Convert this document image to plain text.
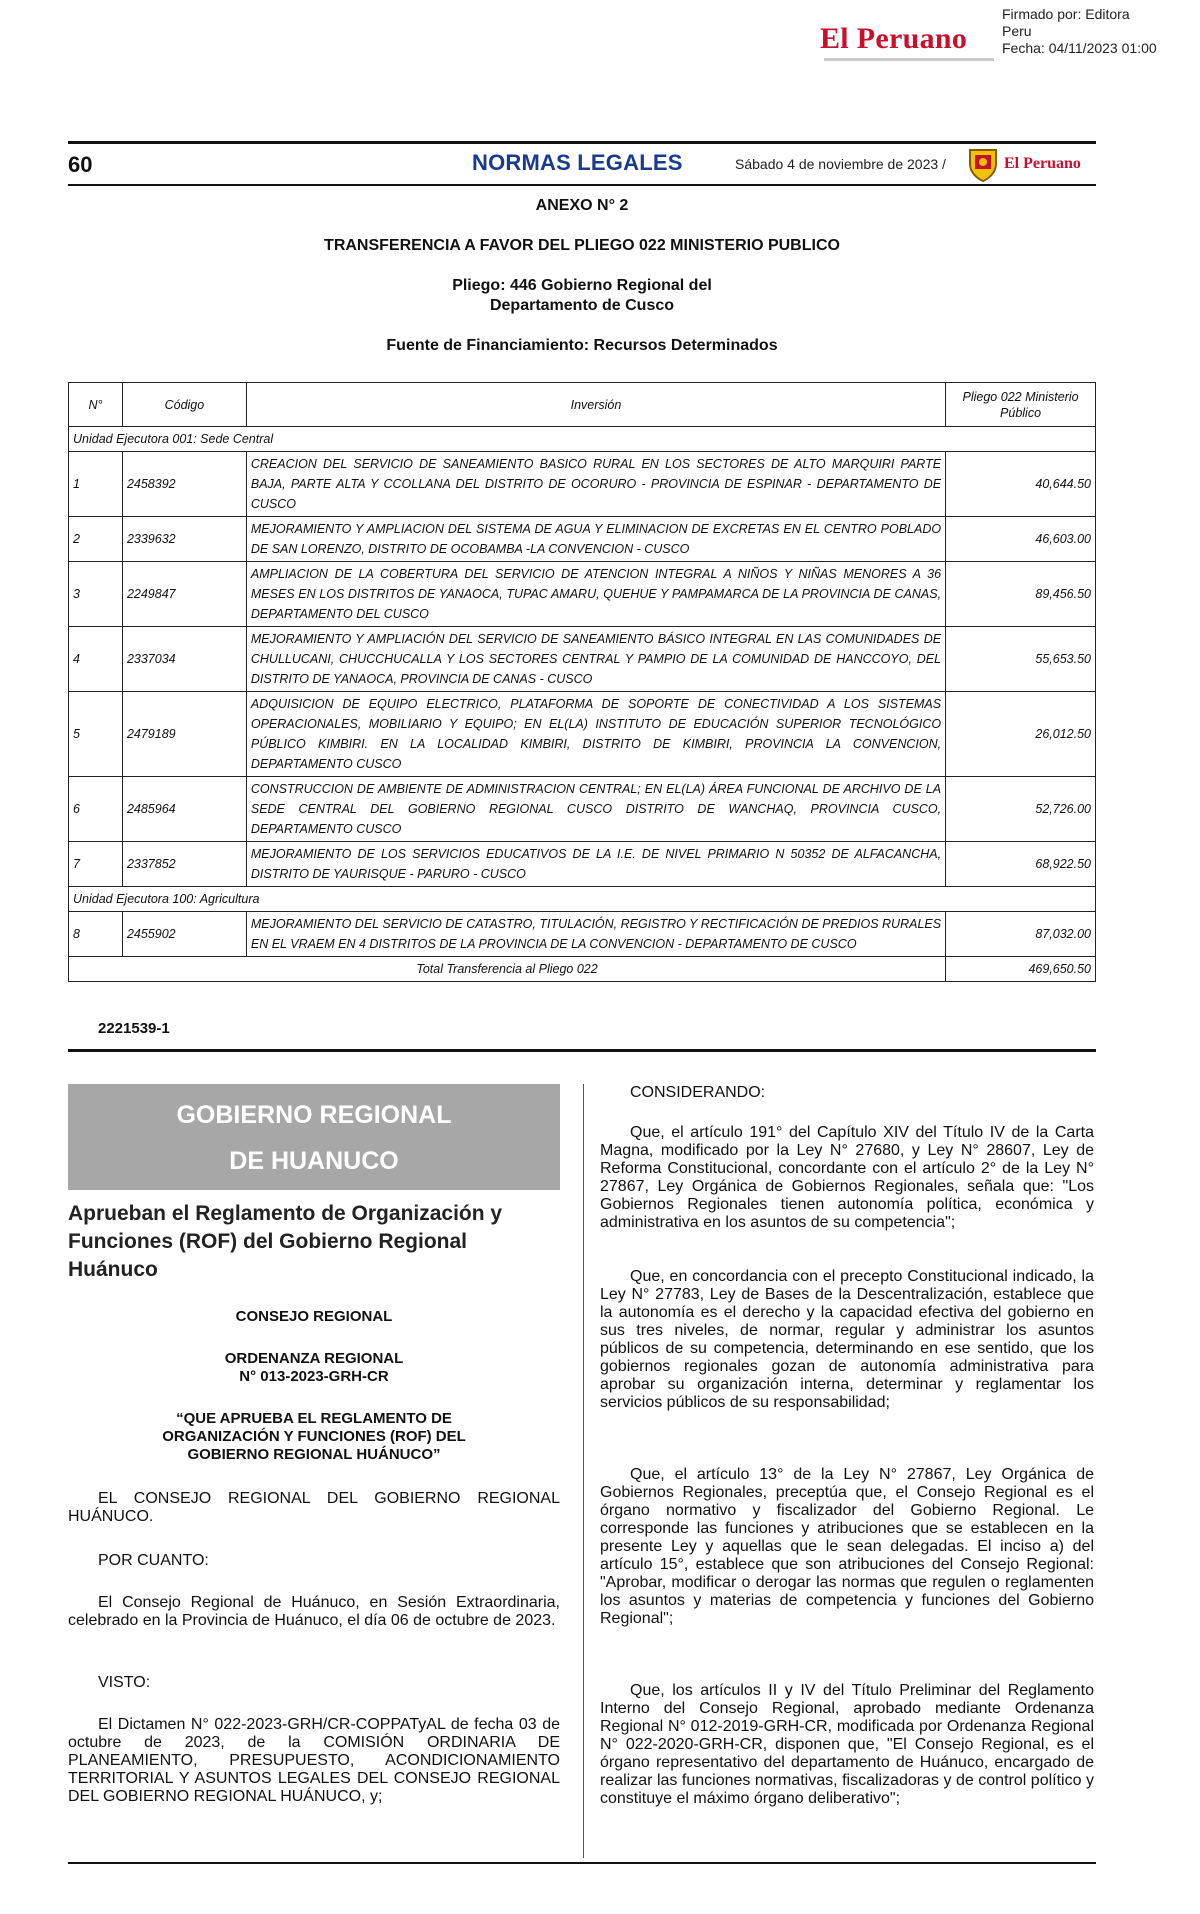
El Peruano
Firmado por: Editora
Peru
Fecha: 04/11/2023 01:00
60	NORMAS LEGALES	Sábado 4 de noviembre de 2023 /	El Peruano
ANEXO N° 2
TRANSFERENCIA A FAVOR DEL PLIEGO 022 MINISTERIO PUBLICO
Pliego: 446 Gobierno Regional del
Departamento de Cusco
Fuente de Financiamiento: Recursos Determinados
N°	Código	Inversión	Pliego 022 Ministerio Público
Unidad Ejecutora 001: Sede Central			
1	2458392	CREACION DEL SERVICIO DE SANEAMIENTO BASICO RURAL EN LOS SECTORES DE ALTO MARQUIRI PARTE BAJA, PARTE ALTA Y CCOLLANA DEL DISTRITO DE OCORURO - PROVINCIA DE ESPINAR - DEPARTAMENTO DE CUSCO	40,644.50
2	2339632	MEJORAMIENTO Y AMPLIACION DEL SISTEMA DE AGUA Y ELIMINACION DE EXCRETAS EN EL CENTRO POBLADO DE SAN LORENZO, DISTRITO DE OCOBAMBA -LA CONVENCION - CUSCO	46,603.00
3	2249847	AMPLIACION DE LA COBERTURA DEL SERVICIO DE ATENCION INTEGRAL A NIÑOS Y NIÑAS MENORES A 36 MESES EN LOS DISTRITOS DE YANAOCA, TUPAC AMARU, QUEHUE Y PAMPAMARCA DE LA PROVINCIA DE CANAS, DEPARTAMENTO DEL CUSCO	89,456.50
4	2337034	MEJORAMIENTO Y AMPLIACIÓN DEL SERVICIO DE SANEAMIENTO BÁSICO INTEGRAL EN LAS COMUNIDADES DE CHULLUCANI, CHUCCHUCALLA Y LOS SECTORES CENTRAL Y PAMPIO DE LA COMUNIDAD DE HANCCOYO, DEL DISTRITO DE YANAOCA, PROVINCIA DE CANAS - CUSCO	55,653.50
5	2479189	ADQUISICION DE EQUIPO ELECTRICO, PLATAFORMA DE SOPORTE DE CONECTIVIDAD A LOS SISTEMAS OPERACIONALES, MOBILIARIO Y EQUIPO; EN EL(LA) INSTITUTO DE EDUCACIÓN SUPERIOR TECNOLÓGICO PÚBLICO KIMBIRI. EN LA LOCALIDAD KIMBIRI, DISTRITO DE KIMBIRI, PROVINCIA LA CONVENCION, DEPARTAMENTO CUSCO	26,012.50
6	2485964	CONSTRUCCION DE AMBIENTE DE ADMINISTRACION CENTRAL; EN EL(LA) ÁREA FUNCIONAL DE ARCHIVO DE LA SEDE CENTRAL DEL GOBIERNO REGIONAL CUSCO DISTRITO DE WANCHAQ, PROVINCIA CUSCO, DEPARTAMENTO CUSCO	52,726.00
7	2337852	MEJORAMIENTO DE LOS SERVICIOS EDUCATIVOS DE LA I.E. DE NIVEL PRIMARIO N 50352 DE ALFACANCHA, DISTRITO DE YAURISQUE - PARURO - CUSCO	68,922.50
Unidad Ejecutora 100: Agricultura			
8	2455902	MEJORAMIENTO DEL SERVICIO DE CATASTRO, TITULACIÓN, REGISTRO Y RECTIFICACIÓN DE PREDIOS RURALES EN EL VRAEM EN 4 DISTRITOS DE LA PROVINCIA DE LA CONVENCION - DEPARTAMENTO DE CUSCO	87,032.00
Total Transferencia al Pliego 022			469,650.50
2221539-1
GOBIERNO REGIONAL
DE HUANUCO
Aprueban el Reglamento de Organización y Funciones (ROF) del Gobierno Regional Huánuco
CONSEJO REGIONAL
ORDENANZA REGIONAL
N° 013-2023-GRH-CR
“QUE APRUEBA EL REGLAMENTO DE
ORGANIZACIÓN Y FUNCIONES (ROF) DEL
GOBIERNO REGIONAL HUÁNUCO”
EL CONSEJO REGIONAL DEL GOBIERNO REGIONAL HUÁNUCO.
POR CUANTO:
El Consejo Regional de Huánuco, en Sesión Extraordinaria, celebrado en la Provincia de Huánuco, el día 06 de octubre de 2023.
VISTO:
El Dictamen N° 022-2023-GRH/CR-COPPATyAL de fecha 03 de octubre de 2023, de la COMISIÓN ORDINARIA DE PLANEAMIENTO, PRESUPUESTO, ACONDICIONAMIENTO TERRITORIAL Y ASUNTOS LEGALES DEL CONSEJO REGIONAL DEL GOBIERNO REGIONAL HUÁNUCO, y;
CONSIDERANDO:
Que, el artículo 191° del Capítulo XIV del Título IV de la Carta Magna, modificado por la Ley N° 27680, y Ley N° 28607, Ley de Reforma Constitucional, concordante con el artículo 2° de la Ley N° 27867, Ley Orgánica de Gobiernos Regionales, señala que: "Los Gobiernos Regionales tienen autonomía política, económica y administrativa en los asuntos de su competencia";
Que, en concordancia con el precepto Constitucional indicado, la Ley N° 27783, Ley de Bases de la Descentralización, establece que la autonomía es el derecho y la capacidad efectiva del gobierno en sus tres niveles, de normar, regular y administrar los asuntos públicos de su competencia, determinando en ese sentido, que los gobiernos regionales gozan de autonomía administrativa para aprobar su organización interna, determinar y reglamentar los servicios públicos de su responsabilidad;
Que, el artículo 13° de la Ley N° 27867, Ley Orgánica de Gobiernos Regionales, preceptúa que, el Consejo Regional es el órgano normativo y fiscalizador del Gobierno Regional. Le corresponde las funciones y atribuciones que se establecen en la presente Ley y aquellas que le sean delegadas. El inciso a) del artículo 15°, establece que son atribuciones del Consejo Regional: "Aprobar, modificar o derogar las normas que regulen o reglamenten los asuntos y materias de competencia y funciones del Gobierno Regional";
Que, los artículos II y IV del Título Preliminar del Reglamento Interno del Consejo Regional, aprobado mediante Ordenanza Regional N° 012-2019-GRH-CR, modificada por Ordenanza Regional N° 022-2020-GRH-CR, disponen que, "El Consejo Regional, es el órgano representativo del departamento de Huánuco, encargado de realizar las funciones normativas, fiscalizadoras y de control político y constituye el máximo órgano deliberativo";
